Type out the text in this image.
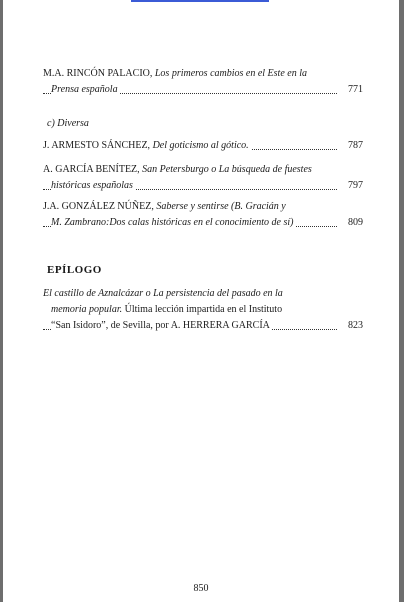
M.A. RINCÓN PALACIO, Los primeros cambios en el Este en la
Prensa española	771
c) Diversa
J. ARMESTO SÁNCHEZ, Del goticismo al gótico.	787
A. GARCÍA BENÍTEZ, San Petersburgo o La búsqueda de fuestes
históricas españolas	797
J.A. GONZÁLEZ NÚÑEZ, Saberse y sentirse (B. Gracián y
M. Zambrano:Dos calas históricas en el conocimiento de sí)	809
EPÍLOGO
El castillo de Aznalcázar o La persistencia del pasado en la
memoria popular. Última lección impartida en el Instituto
“San Isidoro”, de Sevilla, por A. HERRERA GARCÍA	823
850
